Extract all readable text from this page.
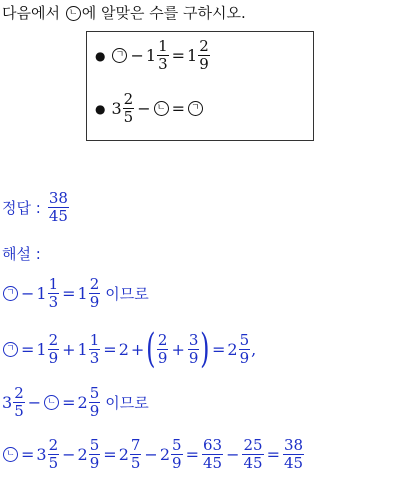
다음에서 ㄴ 에 알맞은 수를 구하시오.
●	ㄱ − $1 \frac{1}{3} = 1 \frac{2}{9}$
● $3 \frac{2}{5}$ − ㄴ = ㄱ
정답 : $\frac{38}{45}$
해설 :
ㄱ − $1 \frac{1}{3} = 1 \frac{2}{9}$ 이므로
ㄱ = $1 \frac{2}{9} + 1 \frac{1}{3} = 2$ + ( $\frac{2}{9} + \frac{3}{9}$ ) = $2 \frac{5}{9}$ ,
$3 \frac{2}{5}$ − ㄴ = $2 \frac{5}{9}$ 이므로
ㄴ = $3 \frac{2}{5} - 2 \frac{5}{9} = 2 \frac{7}{5} - 2 \frac{5}{9} = \frac{63}{45} - \frac{25}{45} = \frac{38}{45}$
